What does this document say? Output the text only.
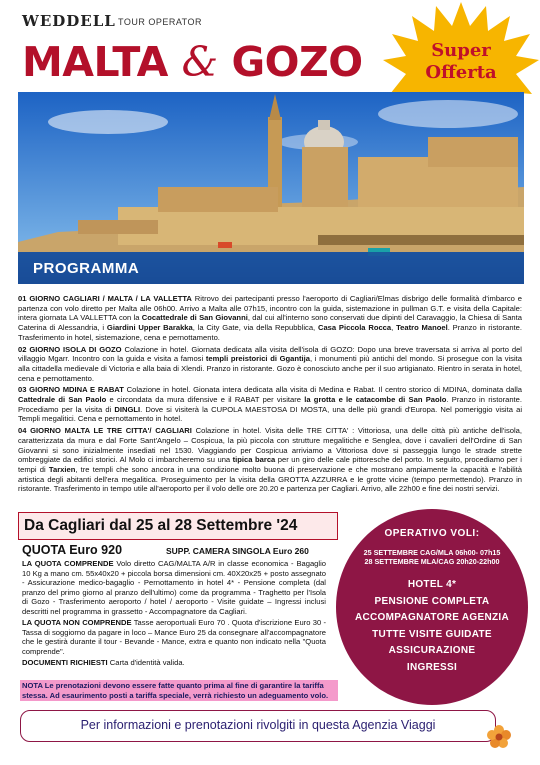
WEDDELL TOUR OPERATOR
MALTA & GOZO	Super
Offerta
PROGRAMMA

01 GIORNO CAGLIARI / MALTA / LA VALLETTA Ritrovo dei partecipanti presso l'aeroporto di Cagliari/Elmas disbrigo delle formalità d'imbarco e partenza con volo diretto per Malta alle 06h00. Arrivo a Malta alle 07h15, incontro con la guida, sistemazione in pullman G.T. e visita della Capitale: intera giornata LA VALLETTA con la Cocattedrale di San Giovanni, dal cui all'interno sono conservati due dipinti del Caravaggio, la Chiesa di Santa Caterina di Alessandria, i Giardini Upper Barakka, la City Gate, via della Repubblica, Casa Piccola Rocca, Teatro Manoel. Pranzo in ristorante. Trasferimento in hotel, sistemazione, cena e pernottamento.

02 GIORNO ISOLA DI GOZO Colazione in hotel. Giornata dedicata alla visita dell'isola di GOZO: Dopo una breve traversata si arriva al porto del villaggio Mgarr. Incontro con la guida e visita a famosi templi preistorici di Ggantija, i monumenti più antichi del mondo. Si prosegue con la visita alla cittadella medievale di Victoria e alla baia di Xlendi. Pranzo in ristorante. Gozo è conosciuto anche per il suo artigianato. Rientro in serata in hotel, cena e pernottamento.

03 GIORNO MDINA E RABAT Colazione in hotel. Gionata intera dedicata alla visita di Medina e Rabat. Il centro storico di MDINA, dominata dalla Cattedrale di San Paolo e circondata da mura difensive e il RABAT per visitare la grotta e le catacombe di San Paolo. Pranzo in ristorante. Procediamo per la visita di DINGLI. Dove si visiterà la CUPOLA MAESTOSA DI MOSTA, una delle più grandi d'Europa. Nel pomeriggio visita ai Templi megalitici. Cena e pernottamento in hotel.

04 GIORNO MALTA LE TRE CITTA'/ CAGLIARI Colazione in hotel. Visita delle TRE CITTA' : Vittoriosa, una delle città più antiche dell'isola, caratterizzata da mura e dal Forte Sant'Angelo – Cospicua, la più piccola con strutture megalitiche e Senglea, dove i cavalieri dell'Ordine di San Giovanni si sono inizialmente insediati nel 1530. Viaggiando per Cospicua arriviamo a Vittoriosa dove si passeggia lungo le strade strette ombreggiate da edifici storici. Al Molo ci imbarcheremo su una tipica barca per un giro delle cale pittoresche del porto. In seguito, procediamo per i tempi di Tarxien, tre templi che sono ancora in una condizione molto buona di preservazione e che mostrano ampiamente la capacità e l'abilità artistica degli abitanti dell'era megalitica. Proseguimento per la visita della GROTTA AZZURRA e le grotte vicine (tempo permettendo). Pranzo in ristorante. Trasferimento in tempo utile all'aeroporto per il volo delle ore 20.20 e partenza per Cagliari. Arrivo, alle 22h00 e fine dei nostri servizi.

Da Cagliari dal 25 al 28 Settembre '24
QUOTA Euro 920	SUPP. CAMERA SINGOLA Euro 260

LA QUOTA COMPRENDE Volo diretto CAG/MALTA A/R in classe economica - Bagaglio 10 Kg a mano cm. 55x40x20 + piccola borsa dimensioni cm. 40X20x25 + posto assegnato - Assicurazione medico-bagaglio - Pernottamento in hotel 4* - Pensione completa (dal pranzo del primo giorno al pranzo dell'ultimo) come da programma - Traghetto per l'Isola di Gozo - Trasferimento aeroporto / hotel / aeroporto - Visite guidate – Ingressi inclusi descritti nel programma in grassetto - Accompagnatore da Cagliari.

LA QUOTA NON COMPRENDE Tasse aeroportuali Euro 70 . Quota d'iscrizione Euro 30 - Tassa di soggiorno da pagare in loco – Mance Euro 25 da consegnare all'accompagnatore che le gestirà durante il tour - Bevande - Mance, extra e quanto non indicato nella "Quota comprende".

DOCUMENTI RICHIESTI Carta d'identità valida.

NOTA Le prenotazioni devono essere fatte quanto prima al fine di garantire la tariffa stessa. Ad esaurimento posti a tariffa speciale, verrà richiesto un adeguamento volo.
OPERATIVO VOLI:
25 SETTEMBRE CAG/MLA 06h00- 07h15
28 SETTEMBRE MLA/CAG 20h20-22h00
HOTEL 4*
PENSIONE COMPLETA
ACCOMPAGNATORE AGENZIA
TUTTE VISITE GUIDATE
ASSICURAZIONE
INGRESSI
Per informazioni e prenotazioni rivolgiti in questa Agenzia Viaggi
